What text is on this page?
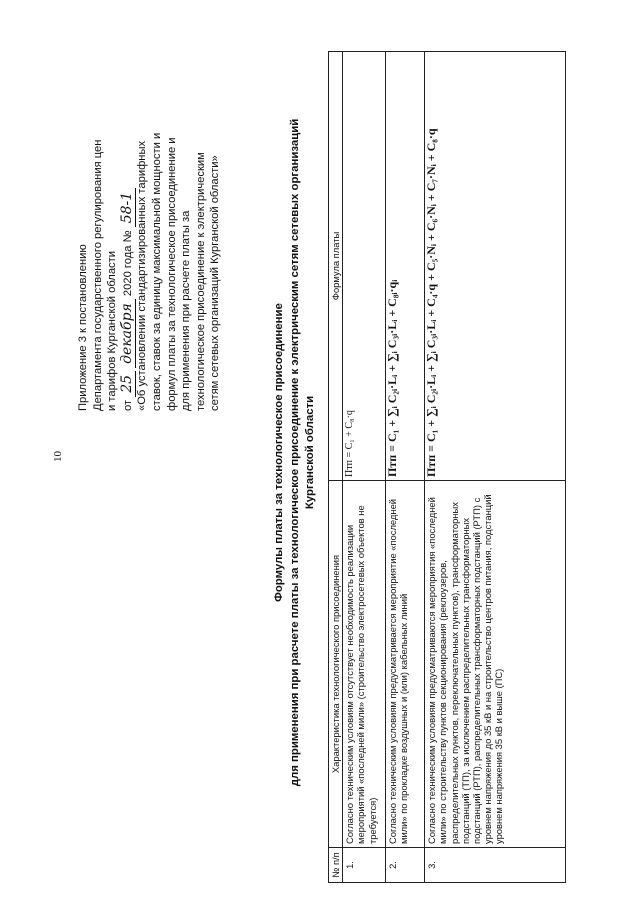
10
Приложение 3 к постановлению Департамента государственного регулирования цен и тарифов Курганской области от 25 декабря 2020 года № 58-1 «Об установлении стандартизированных тарифных ставок, ставок за единицу максимальной мощности и формул платы за технологическое присоединение и для применения при расчете платы за технологическое присоединение к электрическим сетям сетевых организаций Курганской области»
Формулы платы за технологическое присоединение для применения при расчете платы за технологическое присоединение к электрическим сетям сетевых организаций Курганской области
№ п/п	Характеристика технологического присоединения	Формула платы
1.	Согласно техническим условиям отсутствует необходимость реализации мероприятий «последней мили» (строительство электросетевых объектов не требуется)	Птп = C₁ + C₈·q
2.	Согласно техническим условиям предусматривается мероприятие «последней мили» по прокладке воздушных и (или) кабельных линий	Птп = C₁ + ∑ᵢ C₂ᵢ·Lᵢ + ∑ᵢ C₃ᵢ·Lᵢ + C₈ᵢ·qᵢ
3.	Согласно техническим условиям предусматриваются мероприятия «последней мили» по строительству пунктов секционирования (реклоузеров, распределительных пунктов, переключательных пунктов), трансформаторных подстанций (ТП), за исключением распределительных трансформаторных подстанций (РТП), распределительных трансформаторных подстанций (РТП) с уровнем напряжения до 35 кВ и на строительство центров питания, подстанций уровнем напряжения 35 кВ и выше (ПС)	Птп = C₁ + ∑ᵢ C₂ᵢ·Lᵢ + ∑ᵢ C₃ᵢ·Lᵢ + C₄·q + C₅·Nᵢ + C₆·Nᵢ + C₇·Nᵢ + C₈·q
